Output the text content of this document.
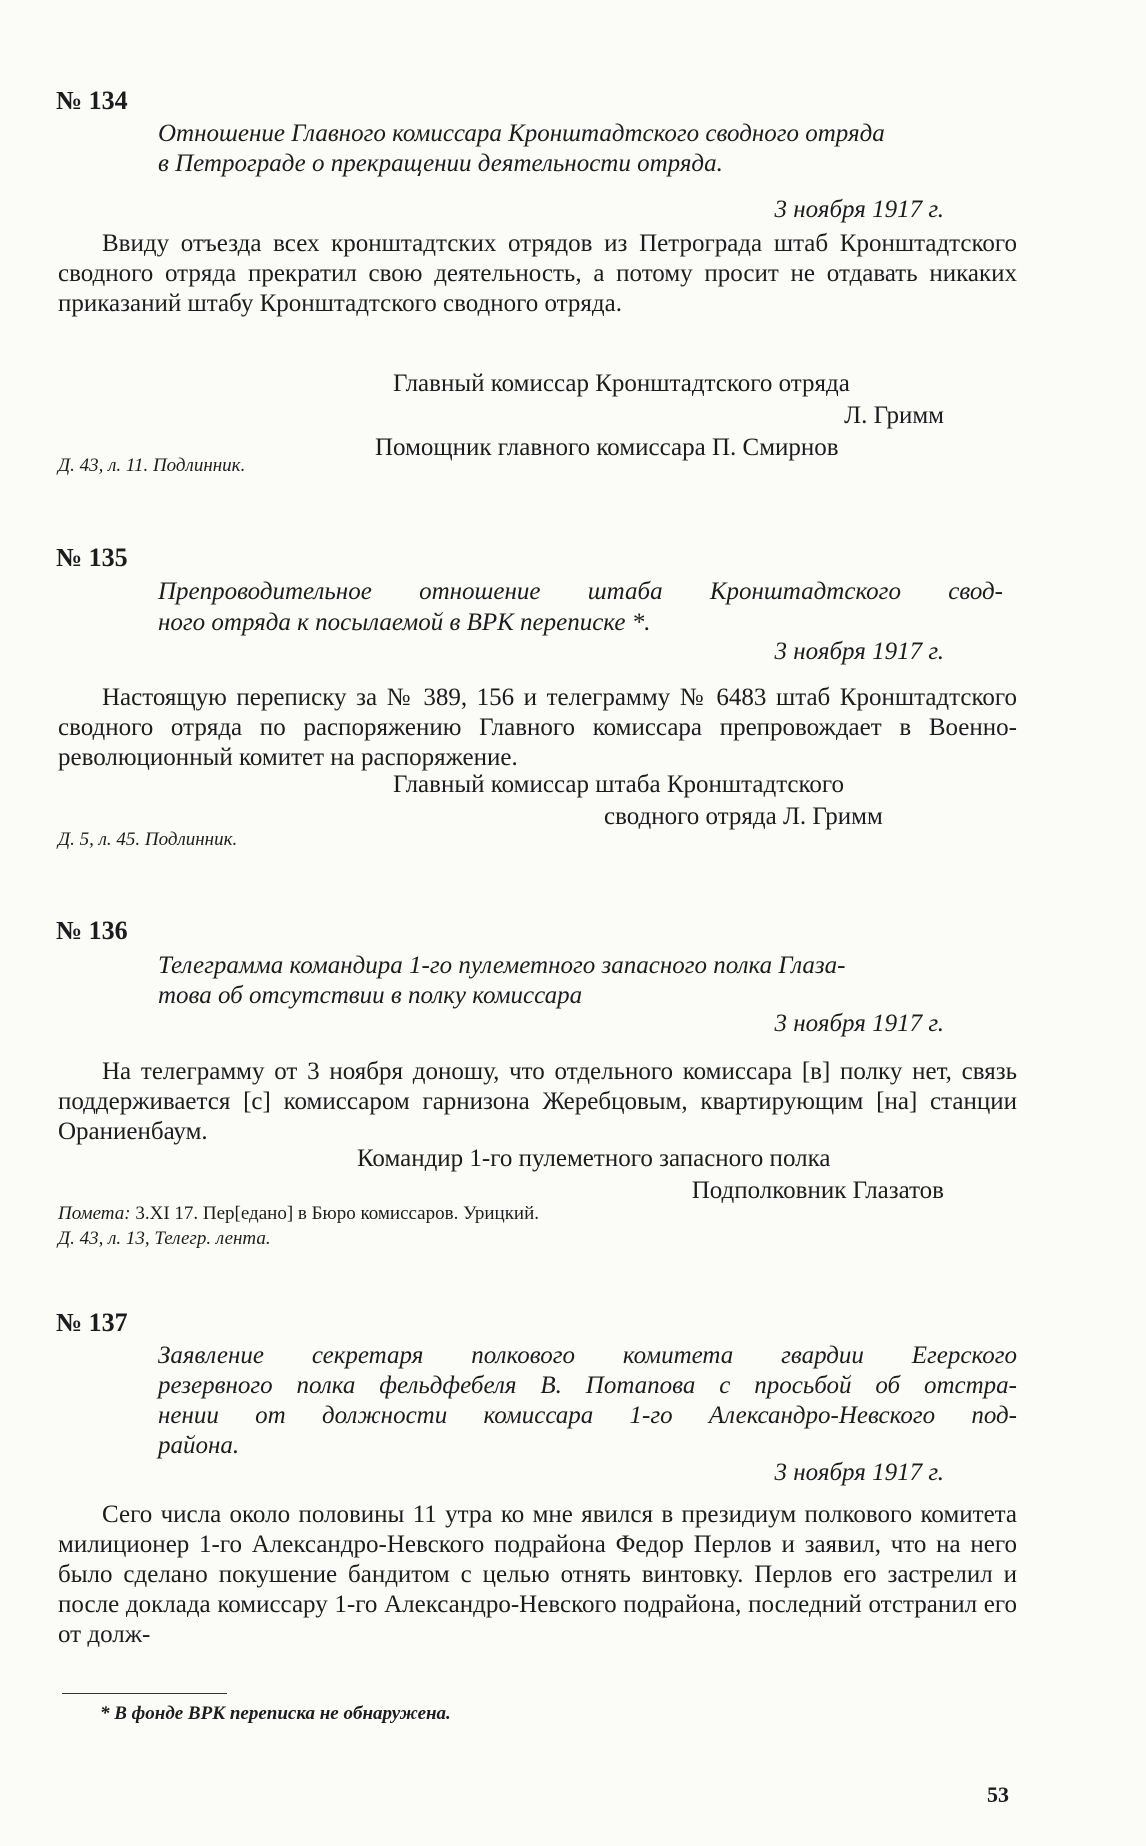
№ 134
Отношение Главного комиссара Кронштадтского сводного отряда
в Петрограде о прекращении деятельности отряда.
3 ноября 1917 г.
Ввиду отъезда всех кронштадтских отрядов из Петрограда штаб Кронштадтского сводного отряда прекратил свою деятельность, а потому просит не отдавать никаких приказаний штабу Кронштадтского сводного отряда.
Главный комиссар Кронштадтского отряда
Л. Гримм
Помощник главного комиссара П. Смирнов
Д. 43, л. 11. Подлинник.
№ 135
Препроводительное отношение штаба Кронштадтского свод-
ного отряда к посылаемой в ВРК переписке *.
3 ноября 1917 г.
Настоящую переписку за № 389, 156 и телеграмму № 6483 штаб Кронштадтского сводного отряда по распоряжению Главного комиссара препровождает в Военно-революционный комитет на распоряжение.
Главный комиссар штаба Кронштадтского
сводного отряда Л. Гримм
Д. 5, л. 45. Подлинник.
№ 136
Телеграмма командира 1-го пулеметного запасного полка Глаза-
това об отсутствии в полку комиссара
3 ноября 1917 г.
На телеграмму от 3 ноября доношу, что отдельного комиссара [в] полку нет, связь поддерживается [с] комиссаром гарнизона Жеребцовым, квартирующим [на] станции Ораниенбаум.
Командир 1-го пулеметного запасного полка
Подполковник Глазатов
Помета: 3.XI 17. Пер[едано] в Бюро комиссаров. Урицкий.
Д. 43, л. 13, Телегр. лента.
№ 137
Заявление секретаря полкового комитета гвардии Егерского
резервного полка фельдфебеля В. Потапова с просьбой об отстра-
нении от должности комиссара 1-го Александро-Невского под-
района.
3 ноября 1917 г.
Сего числа около половины 11 утра ко мне явился в президиум полкового комитета милиционер 1-го Александро-Невского подрайона Федор Перлов и заявил, что на него было сделано покушение бандитом с целью отнять винтовку. Перлов его застрелил и после доклада комиссару 1-го Александро-Невского подрайона, последний отстранил его от долж-
* В фонде ВРК переписка не обнаружена.
53
